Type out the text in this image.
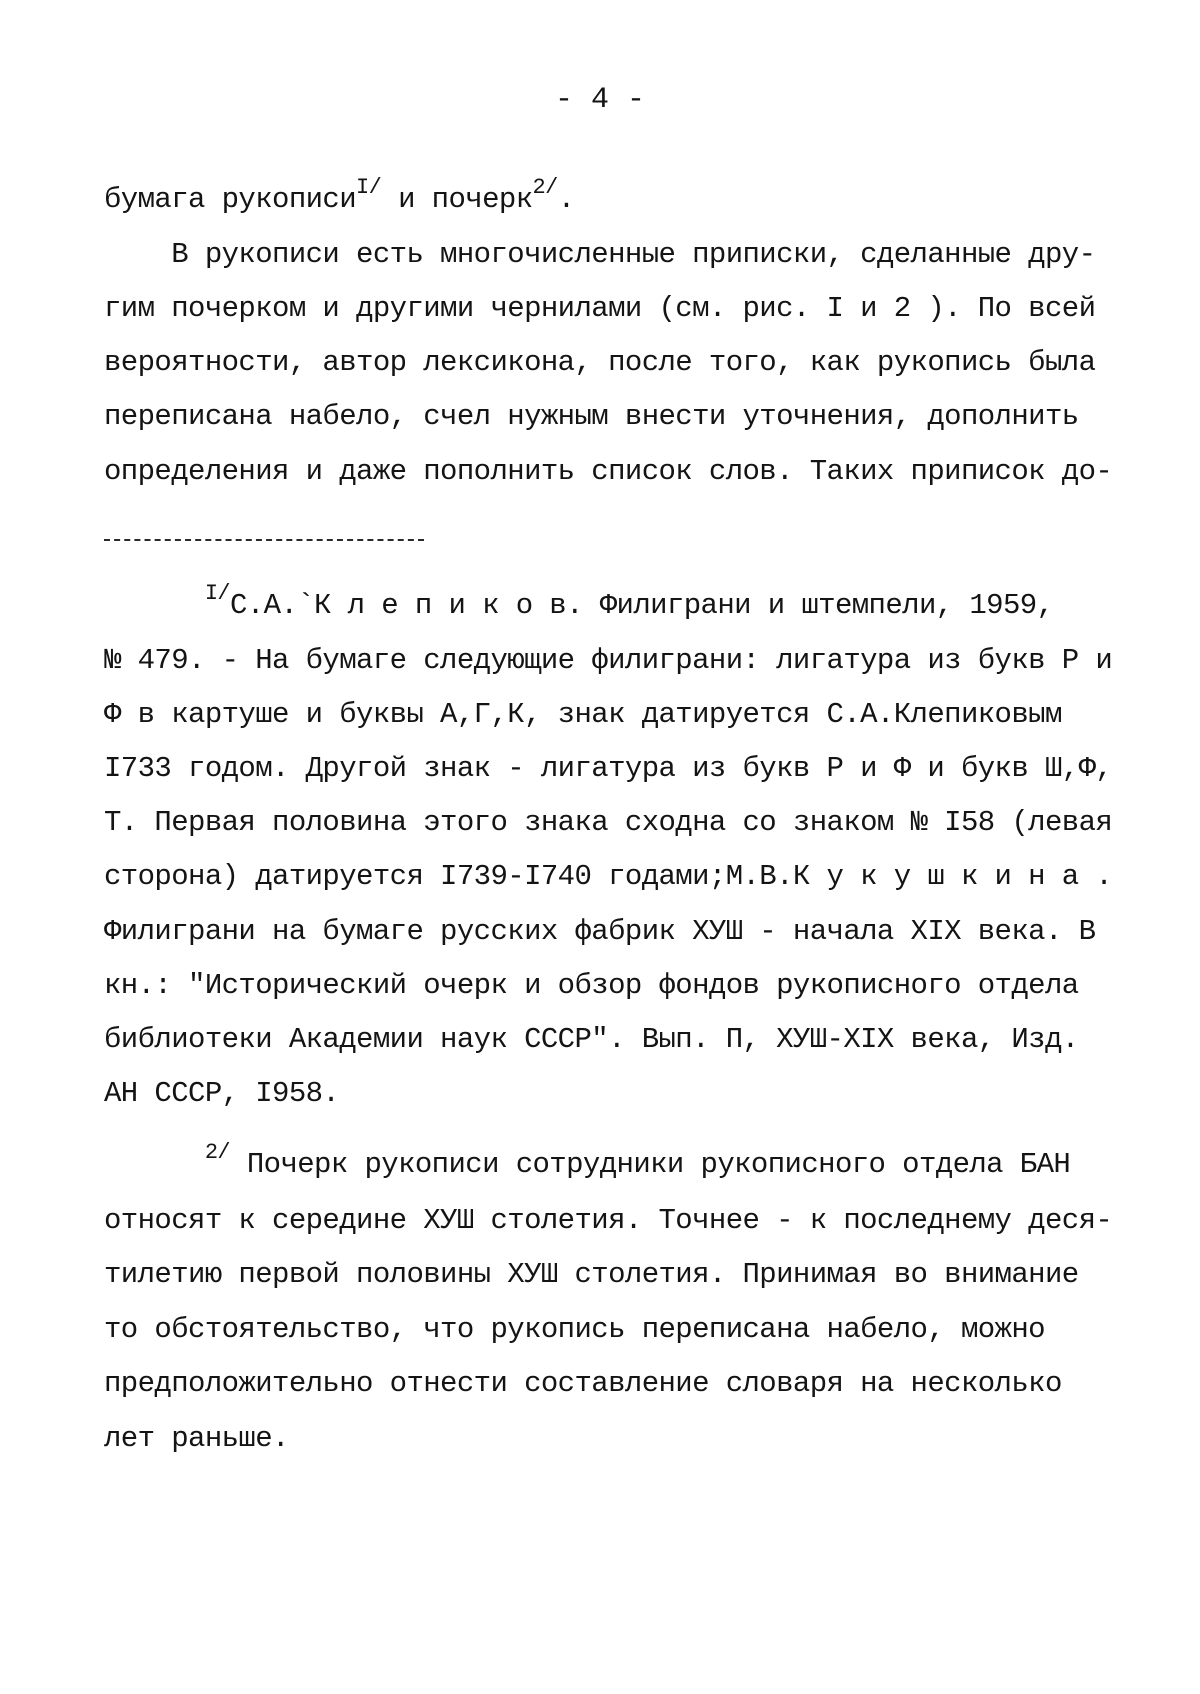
- 4 -
бумага рукописи$^{I/}$ и почерк$^{2/}$.
В рукописи есть многочисленные приписки, сделанные дру-
гим почерком и другими чернилами (см. рис. I и 2 ). По всей
вероятности, автор лексикона, после того, как рукопись была
переписана набело, счел нужным внести уточнения, дополнить
определения и даже пополнить список слов. Таких приписок до-
$^{I/}$С.А.`К л е п и к о в. Филиграни и штемпели, 1959,
№ 479. - На бумаге следующие филиграни: лигатура из букв Р и
Ф в картуше и буквы А,Г,К, знак датируется С.А.Клепиковым
I733 годом. Другой знак - лигатура из букв Р и Ф и букв Ш,Ф,
Т. Первая половина этого знака сходна со знаком № I58 (левая
сторона) датируется I739-I740 годами;М.В.К у к у ш к и н а .
Филиграни на бумаге русских фабрик ХУШ - начала XIX века. В
кн.: "Исторический очерк и обзор фондов рукописного отдела
библиотеки Академии наук СССР". Вып. П, ХУШ-XIX века, Изд.
АН СССР, I958.
$^{2/}$ Почерк рукописи сотрудники рукописного отдела БАН
относят к середине ХУШ столетия. Точнее - к последнему деся-
тилетию первой половины ХУШ столетия. Принимая во внимание
то обстоятельство, что рукопись переписана набело, можно
предположительно отнести составление словаря на несколько
лет раньше.
